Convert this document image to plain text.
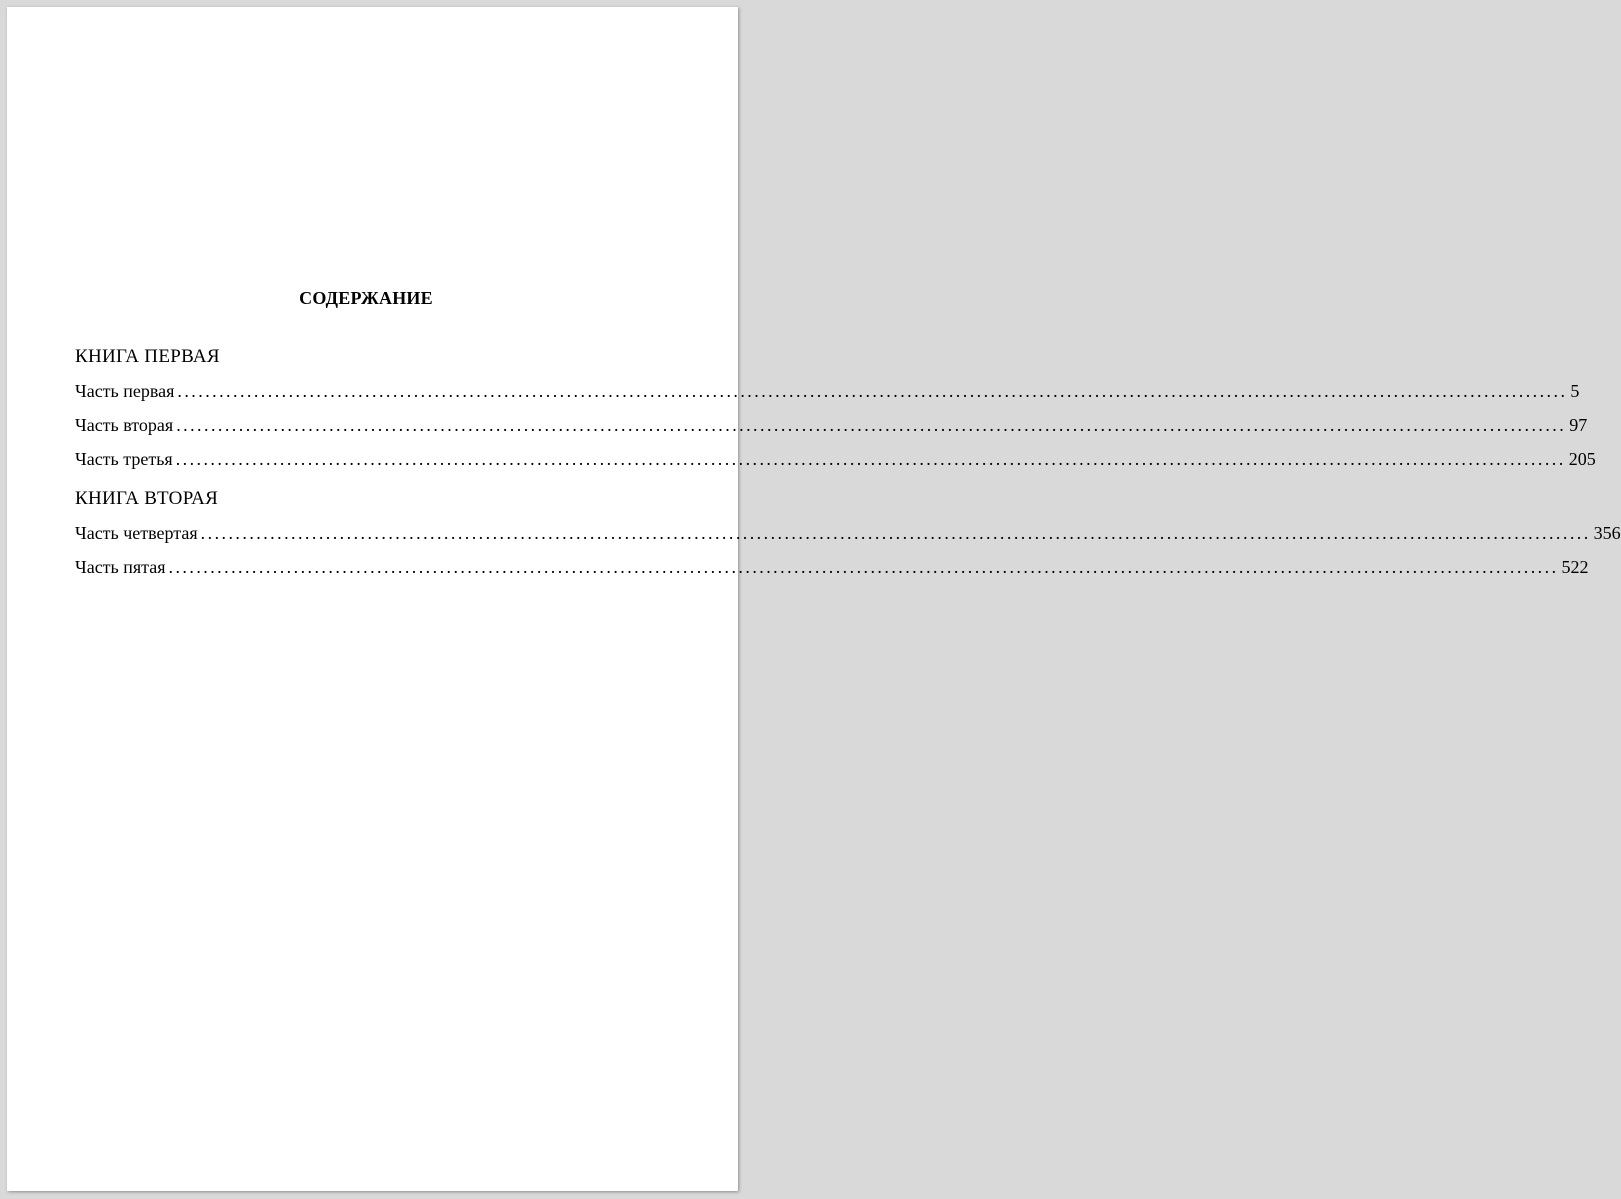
СОДЕРЖАНИЕ
КНИГА ПЕРВАЯ
Часть первая ........................................................................................................................................................................................................ 5
Часть вторая ........................................................................................................................................................................................................ 97
Часть третья ........................................................................................................................................................................................................ 205
КНИГА ВТОРАЯ
Часть четвертая ........................................................................................................................................................................................................ 356
Часть пятая ........................................................................................................................................................................................................ 522
